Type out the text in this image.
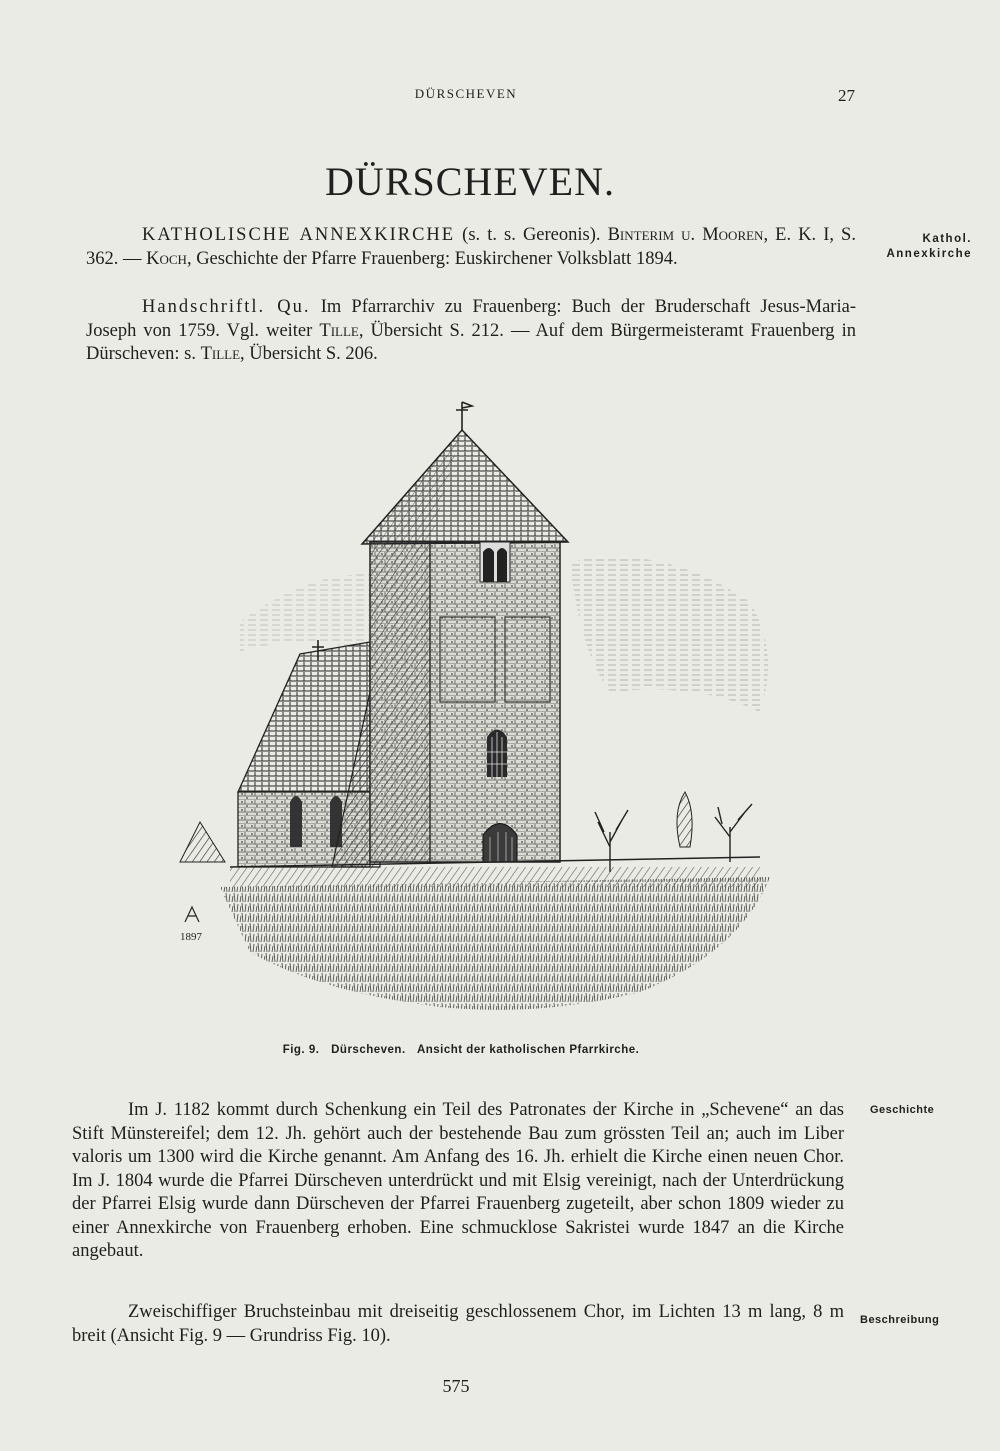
DÜRSCHEVEN	27
DÜRSCHEVEN.
KATHOLISCHE ANNEXKIRCHE (s. t. s. Gereonis). Binterim u. Mooren, E. K. I, S. 362. — Koch, Geschichte der Pfarre Frauenberg: Euskirchener Volksblatt 1894.
Handschriftl. Qu. Im Pfarrarchiv zu Frauenberg: Buch der Bruderschaft Jesus-Maria-Joseph von 1759. Vgl. weiter Tille, Übersicht S. 212. — Auf dem Bürgermeisteramt Frauenberg in Dürscheven: s. Tille, Übersicht S. 206.
Kathol.
Annexkirche
1897
Fig. 9. Dürscheven. Ansicht der katholischen Pfarrkirche.
Im J. 1182 kommt durch Schenkung ein Teil des Patronates der Kirche in „Schevene“ an das Stift Münstereifel; dem 12. Jh. gehört auch der bestehende Bau zum grössten Teil an; auch im Liber valoris um 1300 wird die Kirche genannt. Am Anfang des 16. Jh. erhielt die Kirche einen neuen Chor. Im J. 1804 wurde die Pfarrei Dürscheven unterdrückt und mit Elsig vereinigt, nach der Unterdrückung der Pfarrei Elsig wurde dann Dürscheven der Pfarrei Frauenberg zugeteilt, aber schon 1809 wieder zu einer Annexkirche von Frauenberg erhoben. Eine schmucklose Sakristei wurde 1847 an die Kirche angebaut.
Geschichte
Zweischiffiger Bruchsteinbau mit dreiseitig geschlossenem Chor, im Lichten 13 m lang, 8 m breit (Ansicht Fig. 9 — Grundriss Fig. 10).
Beschreibung
575
